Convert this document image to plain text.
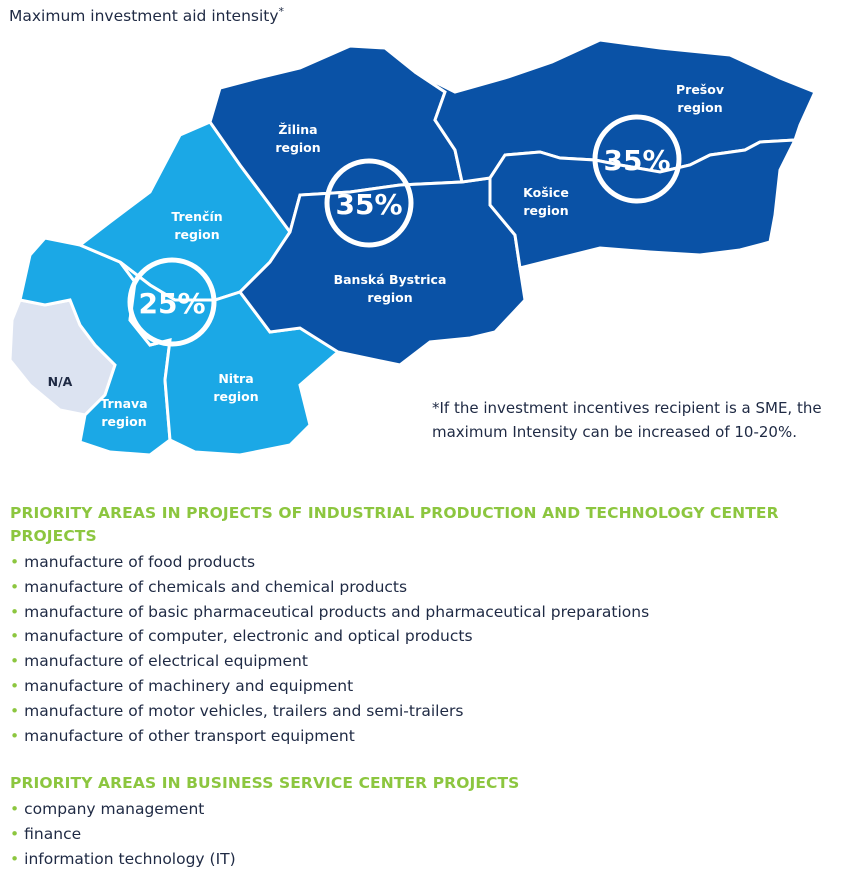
Maximum investment aid intensity*
Žilina region
Prešov region
Košice region
Banská Bystrica region
Trenčín region
Nitra region
Trnava region
N/A
25%
35%
35%
*If the investment incentives recipient is a SME, the maximum Intensity can be increased of 10-20%.
PRIORITY AREAS IN PROJECTS OF INDUSTRIAL PRODUCTION AND TECHNOLOGY CENTER PROJECTS
• manufacture of food products
• manufacture of chemicals and chemical products
• manufacture of basic pharmaceutical products and pharmaceutical preparations
• manufacture of computer, electronic and optical products
• manufacture of electrical equipment
• manufacture of machinery and equipment
• manufacture of motor vehicles, trailers and semi-trailers
• manufacture of other transport equipment
PRIORITY AREAS IN BUSINESS SERVICE CENTER PROJECTS
• company management
• finance
• information technology (IT)
